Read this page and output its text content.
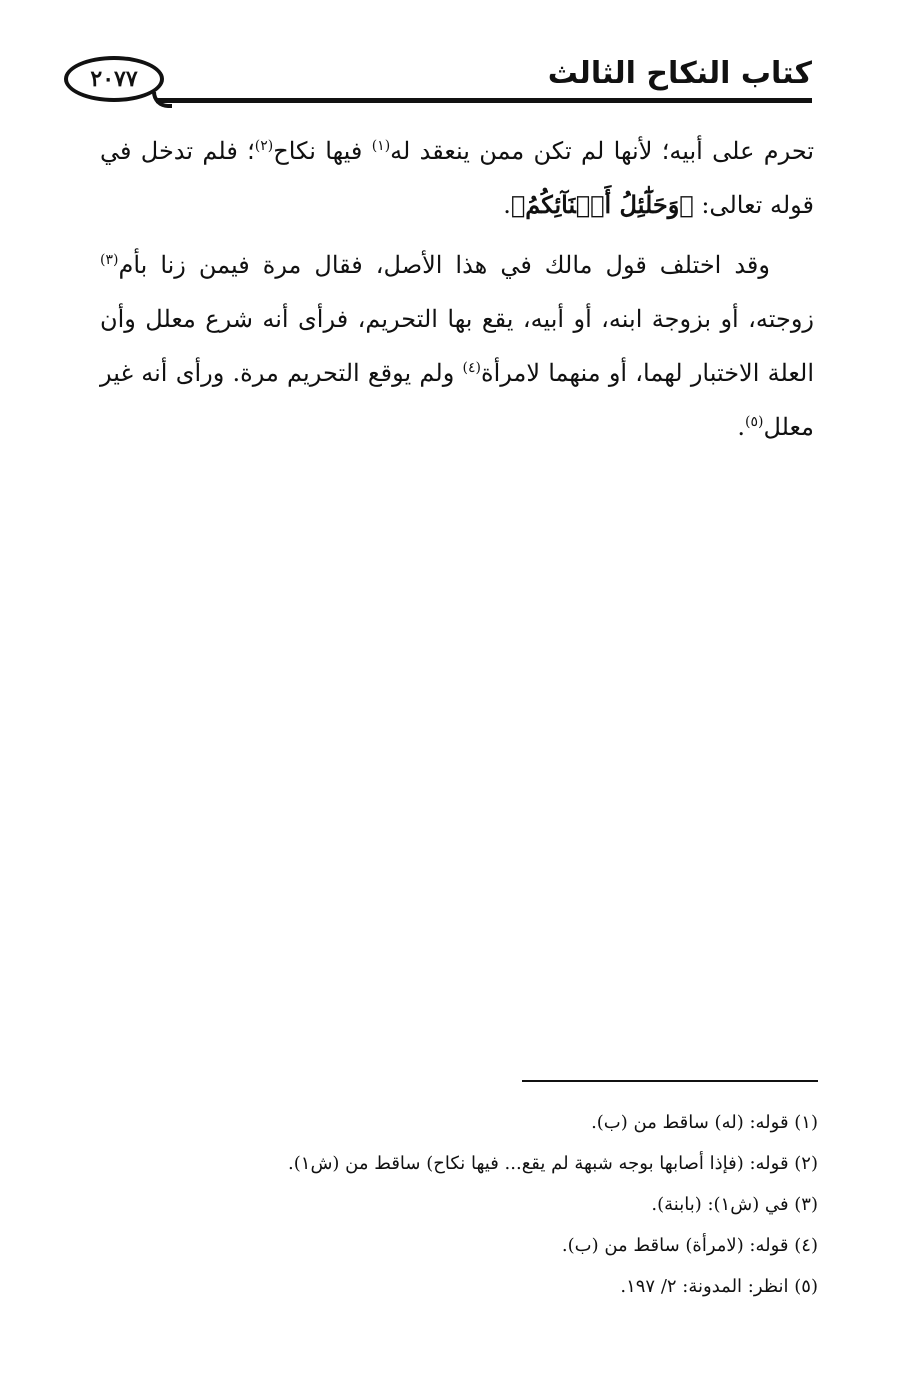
كتاب النكاح الثالث
٢٠٧٧

تحرم على أبيه؛ لأنها لم تكن ممن ينعقد له$^{(١)}$ فيها نكاح$^{(٢)}$؛ فلم تدخل في قوله تعالى: ﴿وَحَلَٰٓئِلُ أَبۡنَآئِكُمُ﴾.

وقد اختلف قول مالك في هذا الأصل، فقال مرة فيمن زنا بأم$^{(٣)}$ زوجته، أو بزوجة ابنه، أو أبيه، يقع بها التحريم، فرأى أنه شرع معلل وأن العلة الاختبار لهما، أو منهما لامرأة$^{(٤)}$ ولم يوقع التحريم مرة. ورأى أنه غير معلل$^{(٥)}$.

(١) قوله: (له) ساقط من (ب).

(٢) قوله: (فإذا أصابها بوجه شبهة لم يقع... فيها نكاح) ساقط من (ش١).

(٣) في (ش١): (بابنة).

(٤) قوله: (لامرأة) ساقط من (ب).

(٥) انظر: المدونة: ٢/ ١٩٧.
